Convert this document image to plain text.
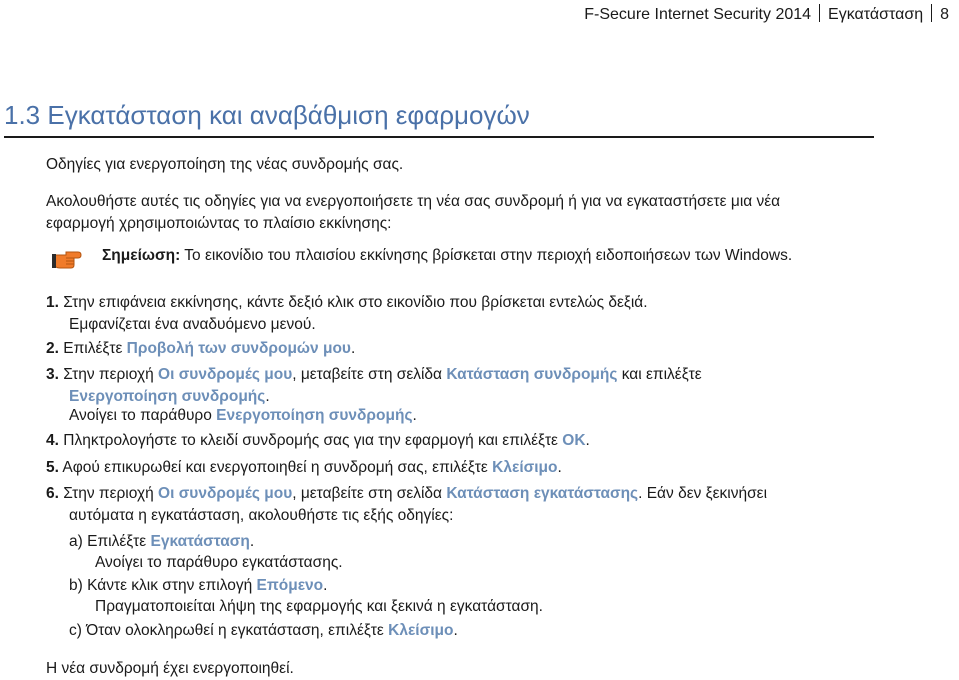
F-Secure Internet Security 2014 Εγκατάσταση 8
1.3 Εγκατάσταση και αναβάθμιση εφαρμογών
Οδηγίες για ενεργοποίηση της νέας συνδρομής σας.
Ακολουθήστε αυτές τις οδηγίες για να ενεργοποιήσετε τη νέα σας συνδρομή ή για να εγκαταστήσετε μια νέα
εφαρμογή χρησιμοποιώντας το πλαίσιο εκκίνησης:
Σημείωση: Το εικονίδιο του πλαισίου εκκίνησης βρίσκεται στην περιοχή ειδοποιήσεων των Windows.
1. Στην επιφάνεια εκκίνησης, κάντε δεξιό κλικ στο εικονίδιο που βρίσκεται εντελώς δεξιά.
Εμφανίζεται ένα αναδυόμενο μενού.
2. Επιλέξτε Προβολή των συνδρομών μου.
3. Στην περιοχή Οι συνδρομές μου, μεταβείτε στη σελίδα Κατάσταση συνδρομής και επιλέξτε
Ενεργοποίηση συνδρομής.
Ανοίγει το παράθυρο Ενεργοποίηση συνδρομής.
4. Πληκτρολογήστε το κλειδί συνδρομής σας για την εφαρμογή και επιλέξτε OK.
5. Αφού επικυρωθεί και ενεργοποιηθεί η συνδρομή σας, επιλέξτε Κλείσιμο.
6. Στην περιοχή Οι συνδρομές μου, μεταβείτε στη σελίδα Κατάσταση εγκατάστασης. Εάν δεν ξεκινήσει
αυτόματα η εγκατάσταση, ακολουθήστε τις εξής οδηγίες:
a) Επιλέξτε Εγκατάσταση.
Ανοίγει το παράθυρο εγκατάστασης.
b) Κάντε κλικ στην επιλογή Επόμενο.
Πραγματοποιείται λήψη της εφαρμογής και ξεκινά η εγκατάσταση.
c) Όταν ολοκληρωθεί η εγκατάσταση, επιλέξτε Κλείσιμο.
Η νέα συνδρομή έχει ενεργοποιηθεί.
